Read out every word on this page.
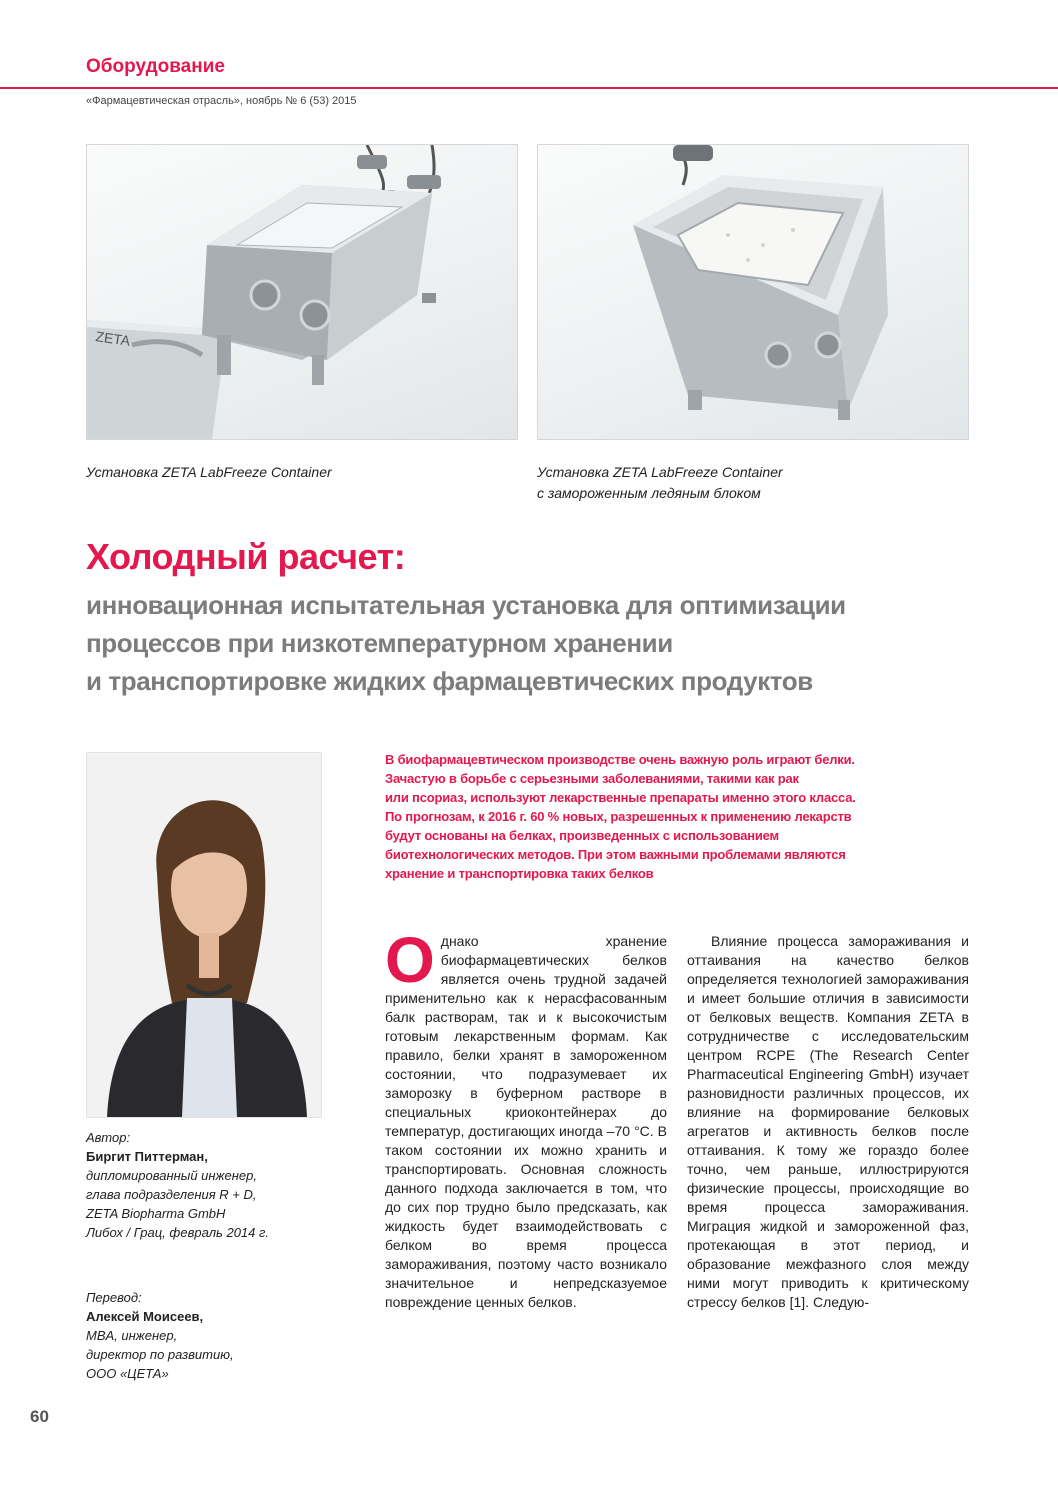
Оборудование
«Фармацевтическая отрасль», ноябрь № 6 (53) 2015
ZETA
Установка ZETA LabFreeze Container	Установка ZETA LabFreeze Container
с замороженным ледяным блоком
Холодный расчет:
инновационная испытательная установка для оптимизации
процессов при низкотемпературном хранении
и транспортировке жидких фармацевтических продуктов
Автор:
Биргит Питтерман,
дипломированный инженер,
глава подразделения R + D,
ZETA Biopharma GmbH
Либох / Грац, февраль 2014 г.
Перевод:
Алексей Моисеев,
MBA, инженер,
директор по развитию,
ООО «ЦЕТА»
В биофармацевтическом производстве очень важную роль играют белки.
Зачастую в борьбе с серьезными заболеваниями, такими как рак
или псориаз, используют лекарственные препараты именно этого класса.
По прогнозам, к 2016 г. 60 % новых, разрешенных к применению лекарств
будут основаны на белках, произведенных с использованием
биотехнологических методов. При этом важными проблемами являются
хранение и транспортировка таких белков
Однако хранение биофармацевтических белков является очень трудной задачей применительно как к нерасфасованным балк растворам, так и к высокочистым готовым лекарственным формам. Как правило, белки хранят в замороженном состоянии, что подразумевает их заморозку в буферном растворе в специальных криоконтейнерах до температур, достигающих иногда –70 °С. В таком состоянии их можно хранить и транспортировать. Основная сложность данного подхода заключается в том, что до сих пор трудно было предсказать, как жидкость будет взаимодействовать с белком во время процесса замораживания, поэтому часто возникало значительное и непредсказуемое повреждение ценных белков.
Влияние процесса замораживания и оттаивания на качество белков определяется технологией замораживания и имеет большие отличия в зависимости от белковых веществ. Компания ZETA в сотрудничестве с исследовательским центром RCPE (The Research Center Pharmaceutical Engineering GmbH) изучает разновидности различных процессов, их влияние на формирование белковых агрегатов и активность белков после оттаивания. К тому же гораздо более точно, чем раньше, иллюстрируются физические процессы, происходящие во время процесса замораживания. Миграция жидкой и замороженной фаз, протекающая в этот период, и образование межфазного слоя между ними могут приводить к критическому стрессу белков [1]. Следую-
60
